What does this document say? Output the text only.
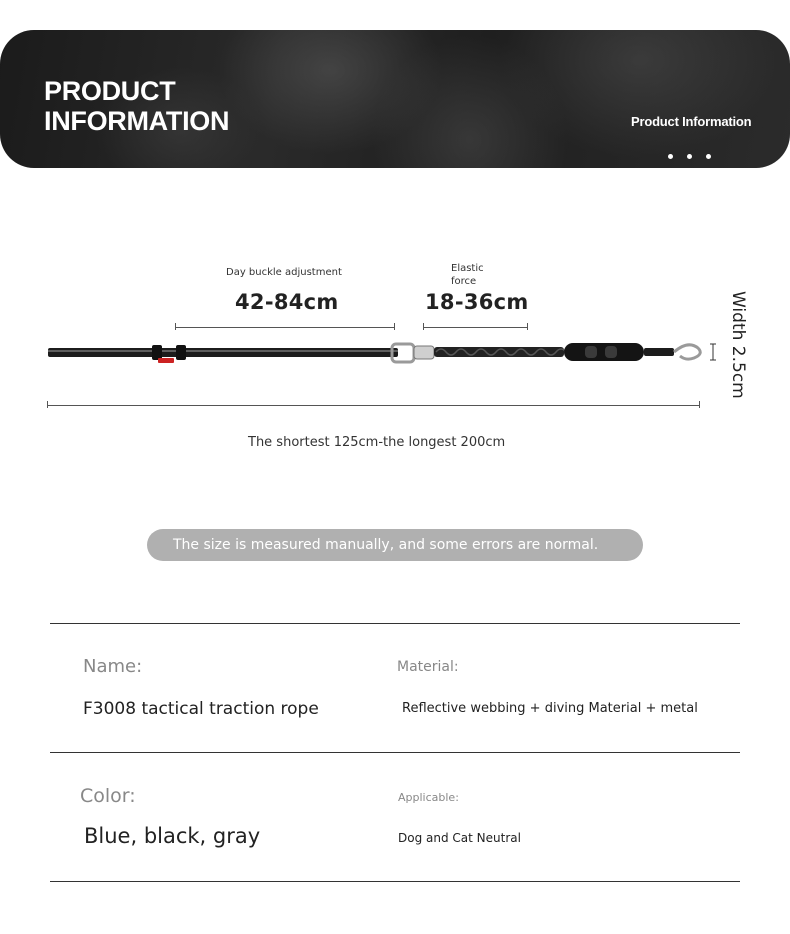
PRODUCT
INFORMATION	Product Information
Day buckle adjustment
42-84cm
Elastic
force
18-36cm	Width 2.5cm
The shortest 125cm-the longest 200cm
The size is measured manually, and some errors are normal.
Name:
F3008 tactical traction rope
Material:
Reflective webbing + diving Material + metal
Color:
Blue, black, gray
Applicable:
Dog and Cat Neutral
